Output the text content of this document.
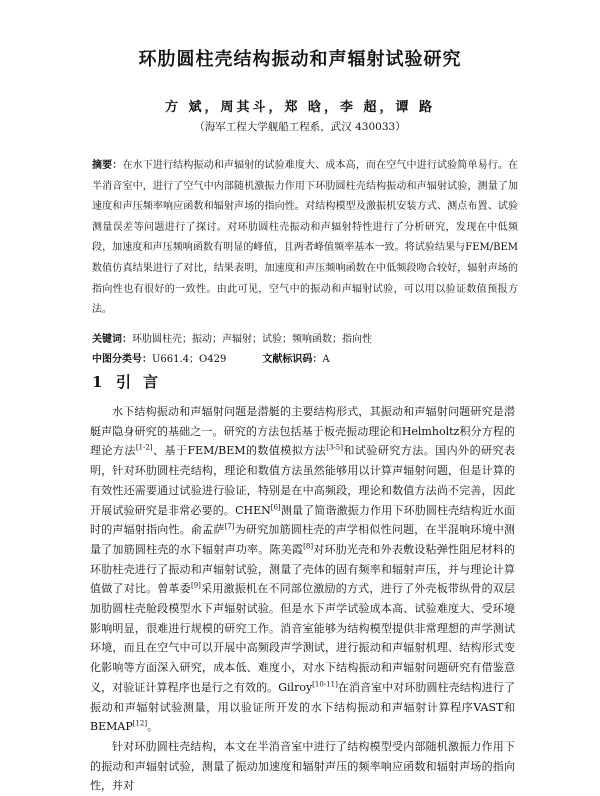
环肋圆柱壳结构振动和声辐射试验研究
方 斌，周其斗，郑 晗，李 超，谭 路
（海军工程大学舰船工程系，武汉 430033）
摘要：在水下进行结构振动和声辐射的试验难度大、成本高，而在空气中进行试验简单易行。在半消音室中，进行了空气中内部随机激振力作用下环肋圆柱壳结构振动和声辐射试验，测量了加速度和声压频率响应函数和辐射声场的指向性。对结构模型及激振机安装方式、测点布置、试验测量误差等问题进行了探讨。对环肋圆柱壳振动和声辐射特性进行了分析研究，发现在中低频段，加速度和声压频响函数有明显的峰值，且两者峰值频率基本一致。将试验结果与FEM/BEM数值仿真结果进行了对比，结果表明，加速度和声压频响函数在中低频段吻合较好，辐射声场的指向性也有很好的一致性。由此可见，空气中的振动和声辐射试验，可以用以验证数值预报方法。
关键词：环肋圆柱壳；振动；声辐射；试验；频响函数；指向性
中图分类号：U661.4；O429	文献标识码：A
1 引言

水下结构振动和声辐射问题是潜艇的主要结构形式，其振动和声辐射问题研究是潜艇声隐身研究的基础之一。研究的方法包括基于板壳振动理论和Helmholtz积分方程的理论方法[1-2]、基于FEM/BEM的数值模拟方法[3-5]和试验研究方法。国内外的研究表明，针对环肋圆柱壳结构，理论和数值方法虽然能够用以计算声辐射问题，但是计算的有效性还需要通过试验进行验证，特别是在中高频段，理论和数值方法尚不完善，因此开展试验研究是非常必要的。CHEN[6]测量了简谐激振力作用下环肋圆柱壳结构近水面时的声辐射指向性。俞孟萨[7]为研究加筋圆柱壳的声学相似性问题，在半混响环境中测量了加筋圆柱壳的水下辐射声功率。陈美霞[8]对环肋光壳和外表敷设粘弹性阻尼材料的环肋柱壳进行了振动和声辐射试验，测量了壳体的固有频率和辐射声压，并与理论计算值做了对比。曾革委[9]采用激振机在不同部位激励的方式，进行了外壳板带纵骨的双层加肋圆柱壳舱段模型水下声辐射试验。但是水下声学试验成本高、试验难度大、受环境影响明显，很难进行规模的研究工作。消音室能够为结构模型提供非常理想的声学测试环境，而且在空气中可以开展中高频段声学测试，进行振动和声辐射机理、结构形式变化影响等方面深入研究，成本低、难度小，对水下结构振动和声辐射问题研究有借鉴意义，对验证计算程序也是行之有效的。Gilroy[10-11]在消音室中对环肋圆柱壳结构进行了振动和声辐射试验测量，用以验证所开发的水下结构振动和声辐射计算程序VAST和BEMAP[12]。

针对环肋圆柱壳结构，本文在半消音室中进行了结构模型受内部随机激振力作用下的振动和声辐射试验，测量了振动加速度和辐射声压的频率响应函数和辐射声场的指向性，并对
